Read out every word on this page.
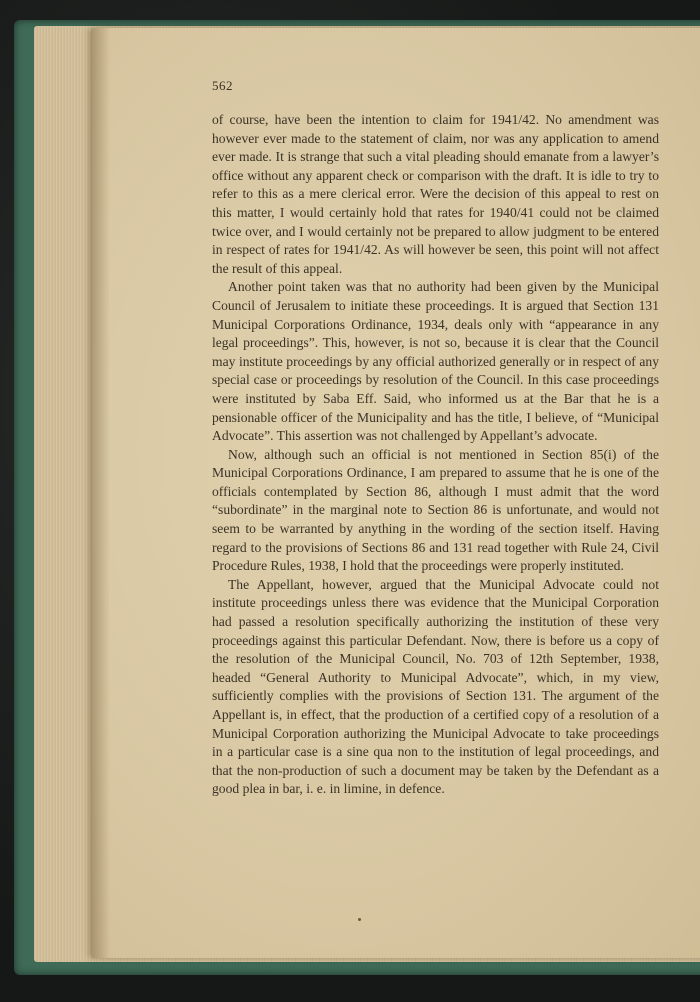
562

of course, have been the intention to claim for 1941/42. No amendment was however ever made to the statement of claim, nor was any application to amend ever made. It is strange that such a vital pleading should emanate from a lawyer’s office without any apparent check or comparison with the draft. It is idle to try to refer to this as a mere clerical error. Were the decision of this appeal to rest on this matter, I would certainly hold that rates for 1940/41 could not be claimed twice over, and I would certainly not be prepared to allow judgment to be entered in respect of rates for 1941/42. As will however be seen, this point will not affect the result of this appeal.

Another point taken was that no authority had been given by the Municipal Council of Jerusalem to initiate these proceedings. It is argued that Section 131 Municipal Corporations Ordinance, 1934, deals only with “appearance in any legal proceedings”. This, however, is not so, because it is clear that the Council may institute proceedings by any official authorized generally or in respect of any special case or proceedings by resolution of the Council. In this case proceedings were instituted by Saba Eff. Said, who informed us at the Bar that he is a pensionable officer of the Municipality and has the title, I believe, of “Municipal Advocate”. This assertion was not challenged by Appellant’s advocate.

Now, although such an official is not mentioned in Section 85(i) of the Municipal Corporations Ordinance, I am prepared to assume that he is one of the officials contemplated by Section 86, although I must admit that the word “subordinate” in the marginal note to Section 86 is unfortunate, and would not seem to be warranted by anything in the wording of the section itself. Having regard to the provisions of Sections 86 and 131 read together with Rule 24, Civil Procedure Rules, 1938, I hold that the proceedings were properly instituted.

The Appellant, however, argued that the Municipal Advocate could not institute proceedings unless there was evidence that the Municipal Corporation had passed a resolution specifically authorizing the institution of these very proceedings against this particular Defendant. Now, there is before us a copy of the resolution of the Municipal Council, No. 703 of 12th September, 1938, headed “General Authority to Municipal Advocate”, which, in my view, sufficiently complies with the provisions of Section 131. The argument of the Appellant is, in effect, that the production of a certified copy of a resolution of a Municipal Corporation authorizing the Municipal Advocate to take proceedings in a particular case is a sine qua non to the institution of legal proceedings, and that the non-production of such a document may be taken by the Defendant as a good plea in bar, i. e. in limine, in defence.
